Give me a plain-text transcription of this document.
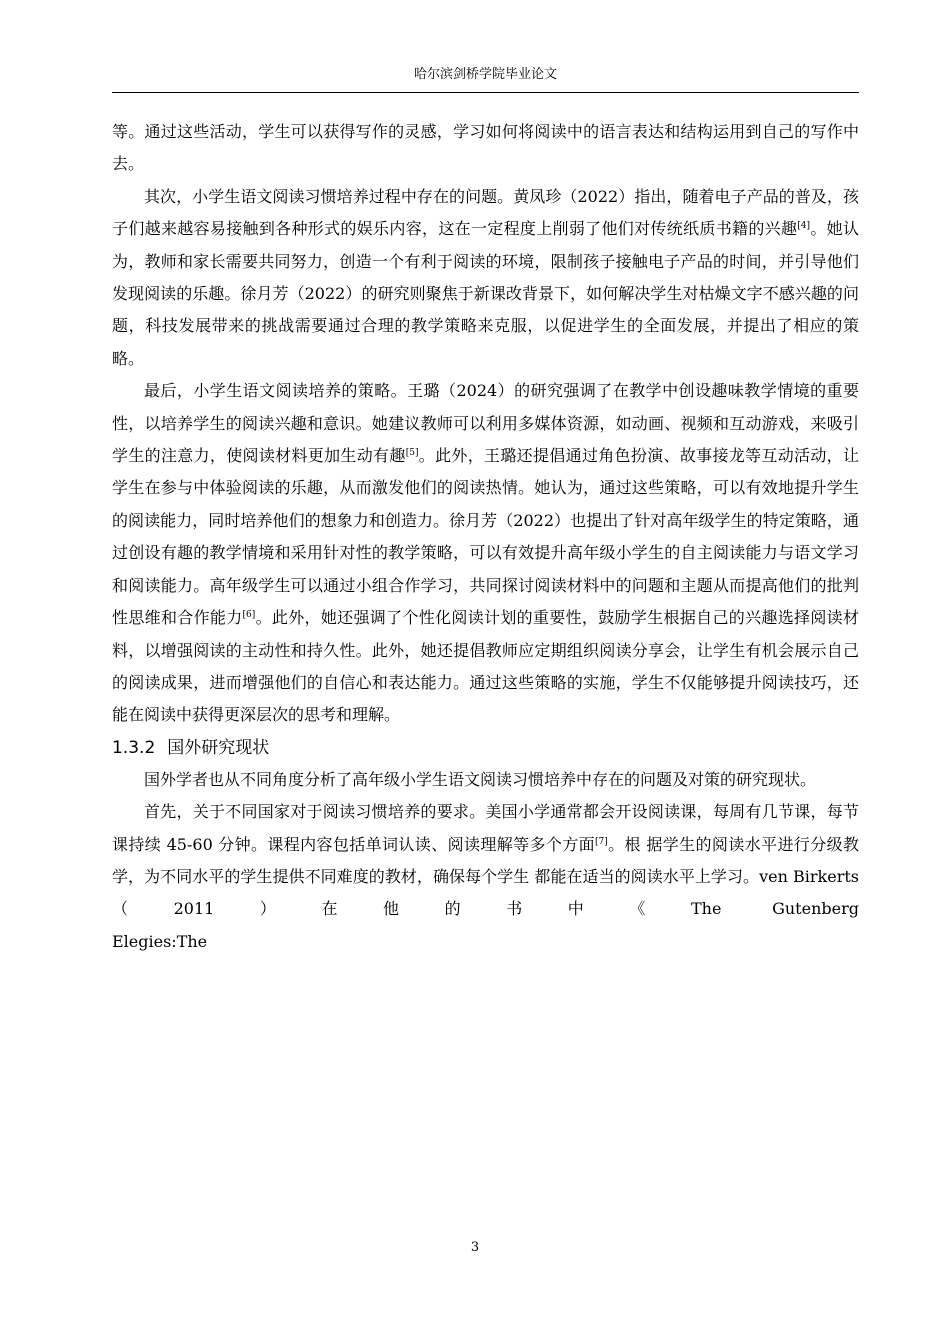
哈尔滨剑桥学院毕业论文

等。通过这些活动，学生可以获得写作的灵感，学习如何将阅读中的语言表达和结构运用到自己的写作中去。

其次，小学生语文阅读习惯培养过程中存在的问题。黄凤珍（2022）指出，随着电子产品的普及，孩子们越来越容易接触到各种形式的娱乐内容，这在一定程度上削弱了他们对传统纸质书籍的兴趣[4]。她认为，教师和家长需要共同努力，创造一个有利于阅读的环境，限制孩子接触电子产品的时间，并引导他们发现阅读的乐趣。徐月芳（2022）的研究则聚焦于新课改背景下，如何解决学生对枯燥文字不感兴趣的问题，科技发展带来的挑战需要通过合理的教学策略来克服，以促进学生的全面发展，并提出了相应的策略。

最后，小学生语文阅读培养的策略。王璐（2024）的研究强调了在教学中创设趣味教学情境的重要性，以培养学生的阅读兴趣和意识。她建议教师可以利用多媒体资源，如动画、视频和互动游戏，来吸引学生的注意力，使阅读材料更加生动有趣[5]。此外，王璐还提倡通过角色扮演、故事接龙等互动活动，让学生在参与中体验阅读的乐趣，从而激发他们的阅读热情。她认为，通过这些策略，可以有效地提升学生的阅读能力，同时培养他们的想象力和创造力。徐月芳（2022）也提出了针对高年级学生的特定策略，通过创设有趣的教学情境和采用针对性的教学策略，可以有效提升高年级小学生的自主阅读能力与语文学习和阅读能力。高年级学生可以通过小组合作学习，共同探讨阅读材料中的问题和主题从而提高他们的批判性思维和合作能力[6]。此外，她还强调了个性化阅读计划的重要性，鼓励学生根据自己的兴趣选择阅读材料，以增强阅读的主动性和持久性。此外，她还提倡教师应定期组织阅读分享会，让学生有机会展示自己的阅读成果，进而增强他们的自信心和表达能力。通过这些策略的实施，学生不仅能够提升阅读技巧，还能在阅读中获得更深层次的思考和理解。

1.3.2 国外研究现状

国外学者也从不同角度分析了高年级小学生语文阅读习惯培养中存在的问题及对策的研究现状。

首先，关于不同国家对于阅读习惯培养的要求。美国小学通常都会开设阅读课，每周有几节课，每节课持续 45-60 分钟。课程内容包括单词认读、阅读理解等多个方面[7]。根 据学生的阅读水平进行分级教学，为不同水平的学生提供不同难度的教材，确保每个学生 都能在适当的阅读水平上学习。ven Birkerts（2011）在他的书中《The Gutenberg
Elegies:The

3
